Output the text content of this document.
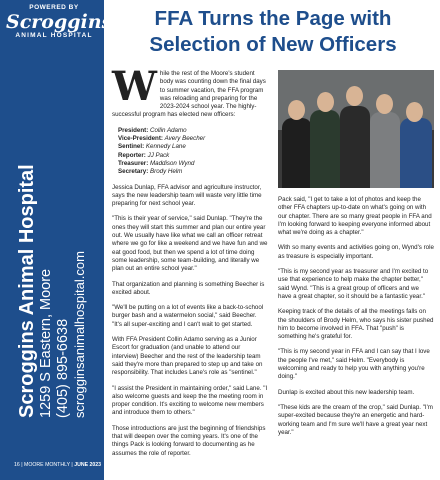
POWERED BY
Scroggins
ANIMAL HOSPITAL
Scroggins Animal Hospital 1259 S Eastern, Moore (405) 895-6638 scrogginsanimalhospital.com
16 | MOORE MONTHLY | JUNE 2023
FFA Turns the Page with
Selection of New Officers

While the rest of the Moore's student body was counting down the final days to summer vacation, the FFA program was reloading and preparing for the 2023-2024 school year. The highly-successful program has elected new officers:

President: Collin Adamo
Vice-President: Avery Beecher
Sentinel: Kennedy Lane
Reporter: JJ Pack
Treasurer: Maddison Wynd
Secretary: Brody Helm

Jessica Dunlap, FFA advisor and agriculture instructor, says the new leadership team will waste very little time preparing for next school year.

"This is their year of service," said Dunlap. "They're the ones they will start this summer and plan our entire year out. We usually have like what we call an officer retreat where we go for like a weekend and we have fun and we eat good food, but then we spend a lot of time doing some leadership, some team-building, and literally we plan out an entire school year."

That organization and planning is something Beecher is excited about.

"We'll be putting on a lot of events like a back-to-school burger bash and a watermelon social," said Beecher. "It's all super-exciting and I can't wait to get started.

With FFA President Collin Adamo serving as a Junior Escort for graduation (and unable to attend our interview) Beecher and the rest of the leadership team said they're more than prepared to step up and take on responsibility. That includes Lane's role as "sentinel."

"I assist the President in maintaining order," said Lane. "I also welcome guests and keep the the meeting room in proper condition. It's exciting to welcome new members and introduce them to others."

Those introductions are just the beginning of friendships that will deepen over the coming years. It's one of the things Pack is looking forward to documenting as he assumes the role of reporter.

Pack said, "I get to take a lot of photos and keep the other FFA chapters up-to-date on what's going on with our chapter. There are so many great people in FFA and I'm looking forward to keeping everyone informed about what we're doing as a chapter."

With so many events and activities going on, Wynd's role as treasure is especially important.

"This is my second year as treasurer and I'm excited to use that experience to help make the chapter better," said Wynd. "This is a great group of officers and we have a great chapter, so it should be a fantastic year."

Keeping track of the details of all the meetings falls on the shoulders of Brody Helm, who says his sister pushed him to become involved in FFA. That "push" is something he's grateful for.

"This is my second year in FFA and I can say that I love the people I've met," said Helm. "Everybody is welcoming and ready to help you with anything you're doing."

Dunlap is excited about this new leadership team.

"These kids are the cream of the crop," said Dunlap. "I'm super-excited because they're an energetic and hard-working team and I'm sure we'll have a great year next year."
